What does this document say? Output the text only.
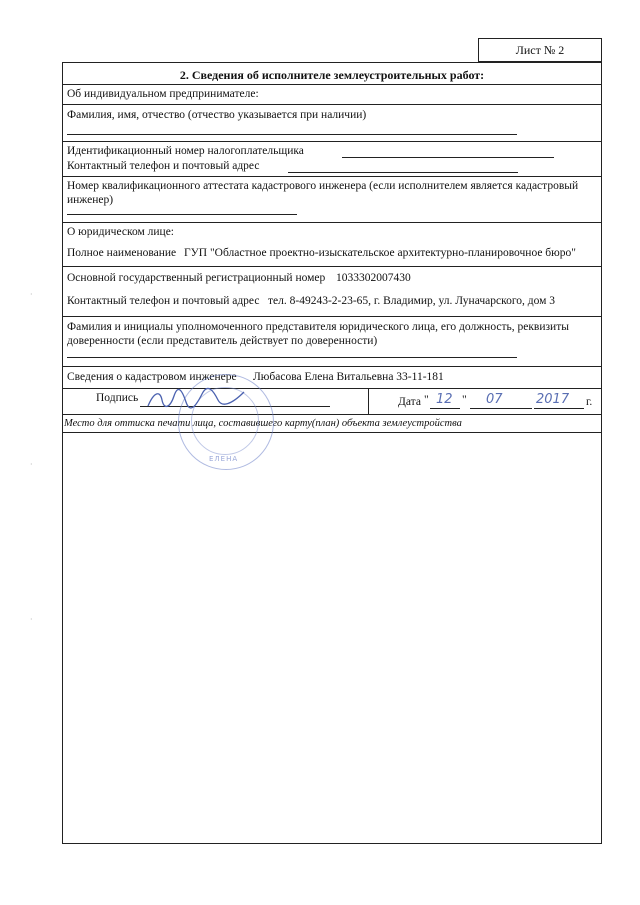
Лист № 2
2. Сведения об исполнителе землеустроительных работ:
Об индивидуальном предпринимателе:
Фамилия, имя, отчество (отчество указывается при наличии)
Идентификационный номер налогоплательщика
Контактный телефон и почтовый адрес
Номер квалификационного аттестата кадастрового инженера (если исполнителем является кадастровый
инженер)
О юридическом лице:
Полное наименование ГУП "Областное проектно-изыскательское архитектурно-планировочное бюро"
Основной государственный регистрационный номер 1033302007430
Контактный телефон и почтовый адрес тел. 8-49243-2-23-65, г. Владимир, ул. Луначарского, дом 3
Фамилия и инициалы уполномоченного представителя юридического лица, его должность, реквизиты
доверенности (если представитель действует по доверенности)
Сведения о кадастровом инженере Любасова Елена Витальевна 33-11-181
Подпись	Дата " 12 " 07	2017 г.
Место для оттиска печати лица, составившего карту(план) объекта землеустройства
ЕЛЕНА
·
·
·
